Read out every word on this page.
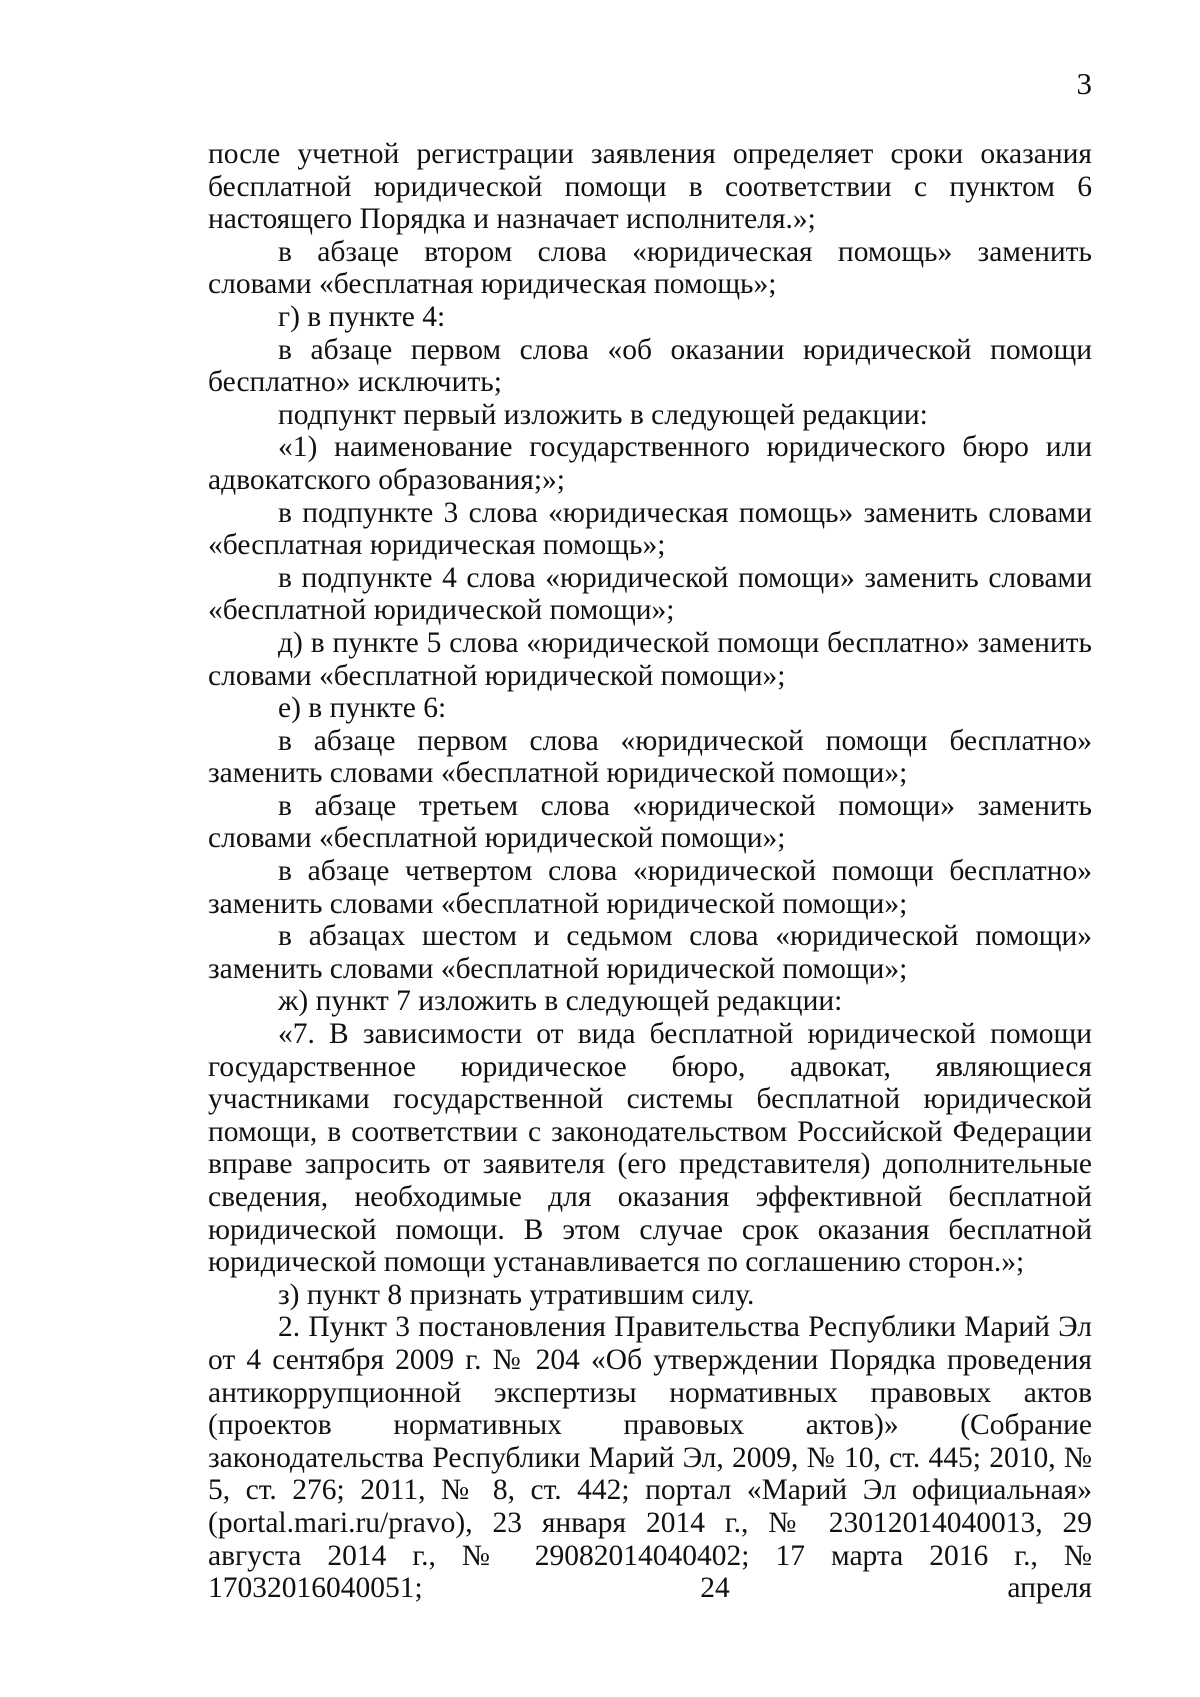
3

после учетной регистрации заявления определяет сроки оказания бесплатной юридической помощи в соответствии с пунктом 6 настоящего Порядка и назначает исполнителя.»;

в абзаце втором слова «юридическая помощь» заменить словами «бесплатная юридическая помощь»;

г) в пункте 4:

в абзаце первом слова «об оказании юридической помощи бесплатно» исключить;

подпункт первый изложить в следующей редакции:

«1) наименование государственного юридического бюро или адвокатского образования;»;

в подпункте 3 слова «юридическая помощь» заменить словами «бесплатная юридическая помощь»;

в подпункте 4 слова «юридической помощи» заменить словами «бесплатной юридической помощи»;

д) в пункте 5 слова «юридической помощи бесплатно» заменить словами «бесплатной юридической помощи»;

е) в пункте 6:

в абзаце первом слова «юридической помощи бесплатно» заменить словами «бесплатной юридической помощи»;

в абзаце третьем слова «юридической помощи» заменить словами «бесплатной юридической помощи»;

в абзаце четвертом слова «юридической помощи бесплатно» заменить словами «бесплатной юридической помощи»;

в абзацах шестом и седьмом слова «юридической помощи» заменить словами «бесплатной юридической помощи»;

ж) пункт 7 изложить в следующей редакции:

«7. В зависимости от вида бесплатной юридической помощи государственное юридическое бюро, адвокат, являющиеся участниками государственной системы бесплатной юридической помощи, в соответствии с законодательством Российской Федерации вправе запросить от заявителя (его представителя) дополнительные сведения, необходимые для оказания эффективной бесплатной юридической помощи. В этом случае срок оказания бесплатной юридической помощи устанавливается по соглашению сторон.»;

з) пункт 8 признать утратившим силу.

2. Пункт 3 постановления Правительства Республики Марий Эл от 4 сентября 2009 г. № 204 «Об утверждении Порядка проведения антикоррупционной экспертизы нормативных правовых актов (проектов нормативных правовых актов)» (Собрание законодательства Республики Марий Эл, 2009, № 10, ст. 445; 2010, № 5, ст. 276; 2011, № 8, ст. 442; портал «Марий Эл официальная» (portal.mari.ru/pravo), 23 января 2014 г., № 23012014040013, 29 августа 2014 г., № 29082014040402; 17 марта 2016 г., № 17032016040051; 24 апреля
